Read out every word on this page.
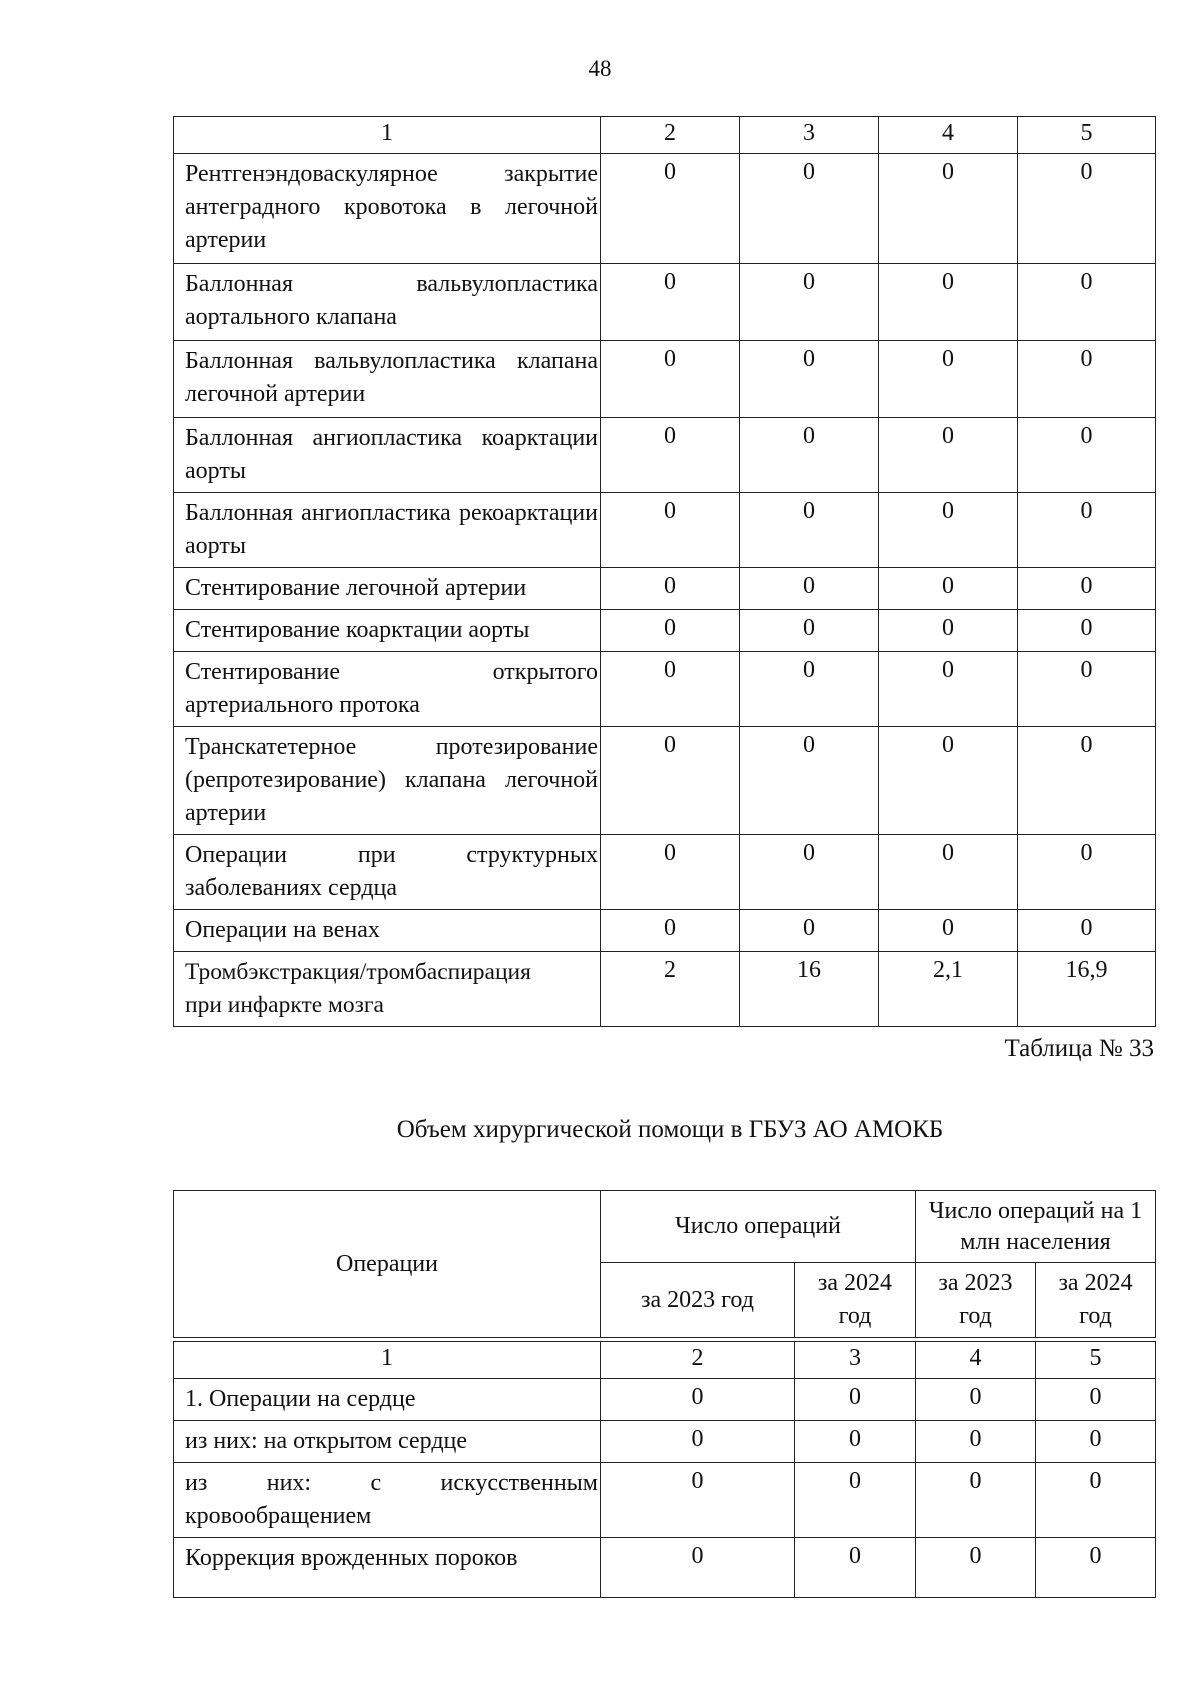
48
1	2	3	4	5
Рентгенэндоваскулярное закрытие антеградного кровотока в легочной артерии	0	0	0	0
Баллонная вальвулопластика аортального клапана	0	0	0	0
Баллонная вальвулопластика клапана легочной артерии	0	0	0	0
Баллонная ангиопластика коарктации аорты	0	0	0	0
Баллонная ангиопластика рекоарктации аорты	0	0	0	0
Стентирование легочной артерии	0	0	0	0
Стентирование коарктации аорты	0	0	0	0
Стентирование открытого артериального протока	0	0	0	0
Транскатетерное протезирование (репротезирование) клапана легочной артерии	0	0	0	0
Операции при структурных заболеваниях сердца	0	0	0	0
Операции на венах	0	0	0	0
Тромбэкстракция/тромбаспирация
при инфаркте мозга	2	16	2,1	16,9
Таблица № 33
Объем хирургической помощи в ГБУЗ АО АМОКБ
Операции	Число операций		Число операций на 1 млн населения	
	за 2023 год	за 2024 год	за 2023 год	за 2024 год
1	2	3	4	5
1. Операции на сердце	0	0	0	0
из них: на открытом сердце	0	0	0	0
из них: с искусственным кровообращением	0	0	0	0
Коррекция врожденных пороков	0	0	0	0
